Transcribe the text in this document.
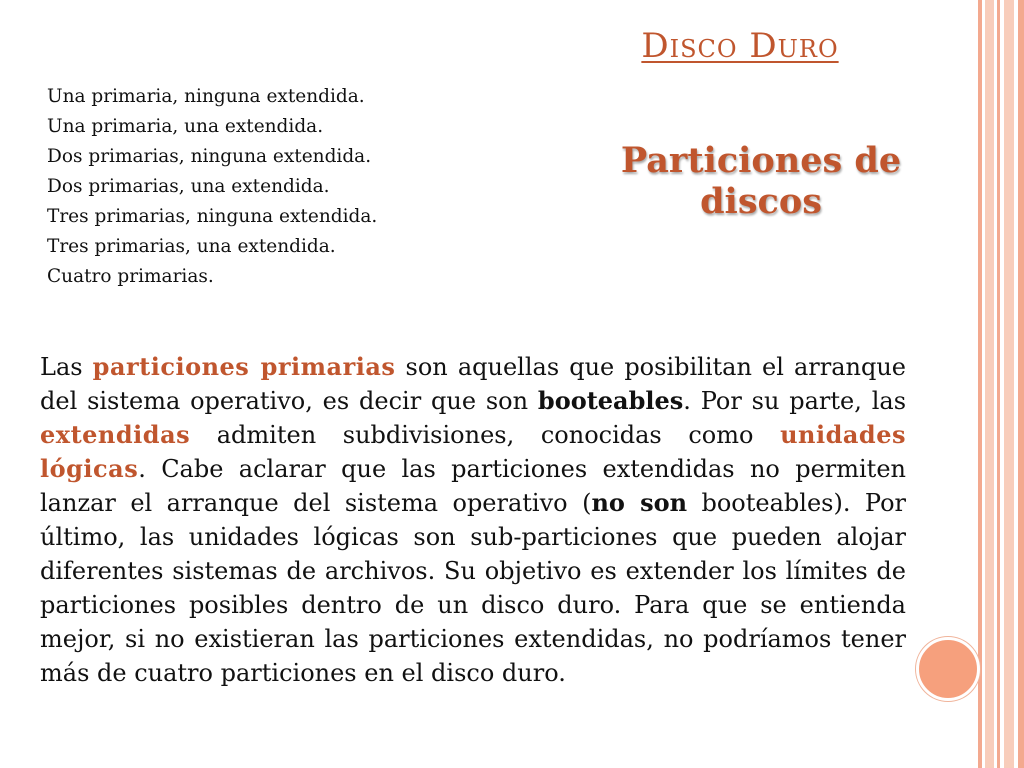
Disco Duro
Particiones de discos
Una primaria, ninguna extendida.
Una primaria, una extendida.
Dos primarias, ninguna extendida.
Dos primarias, una extendida.
Tres primarias, ninguna extendida.
Tres primarias, una extendida.
Cuatro primarias.

Las particiones primarias son aquellas que posibilitan el arranque del sistema operativo, es decir que son booteables. Por su parte, las extendidas admiten subdivisiones, conocidas como unidades lógicas. Cabe aclarar que las particiones extendidas no permiten lanzar el arranque del sistema operativo (no son booteables). Por último, las unidades lógicas son sub-particiones que pueden alojar diferentes sistemas de archivos. Su objetivo es extender los límites de particiones posibles dentro de un disco duro. Para que se entienda mejor, si no existieran las particiones extendidas, no podríamos tener más de cuatro particiones en el disco duro.
